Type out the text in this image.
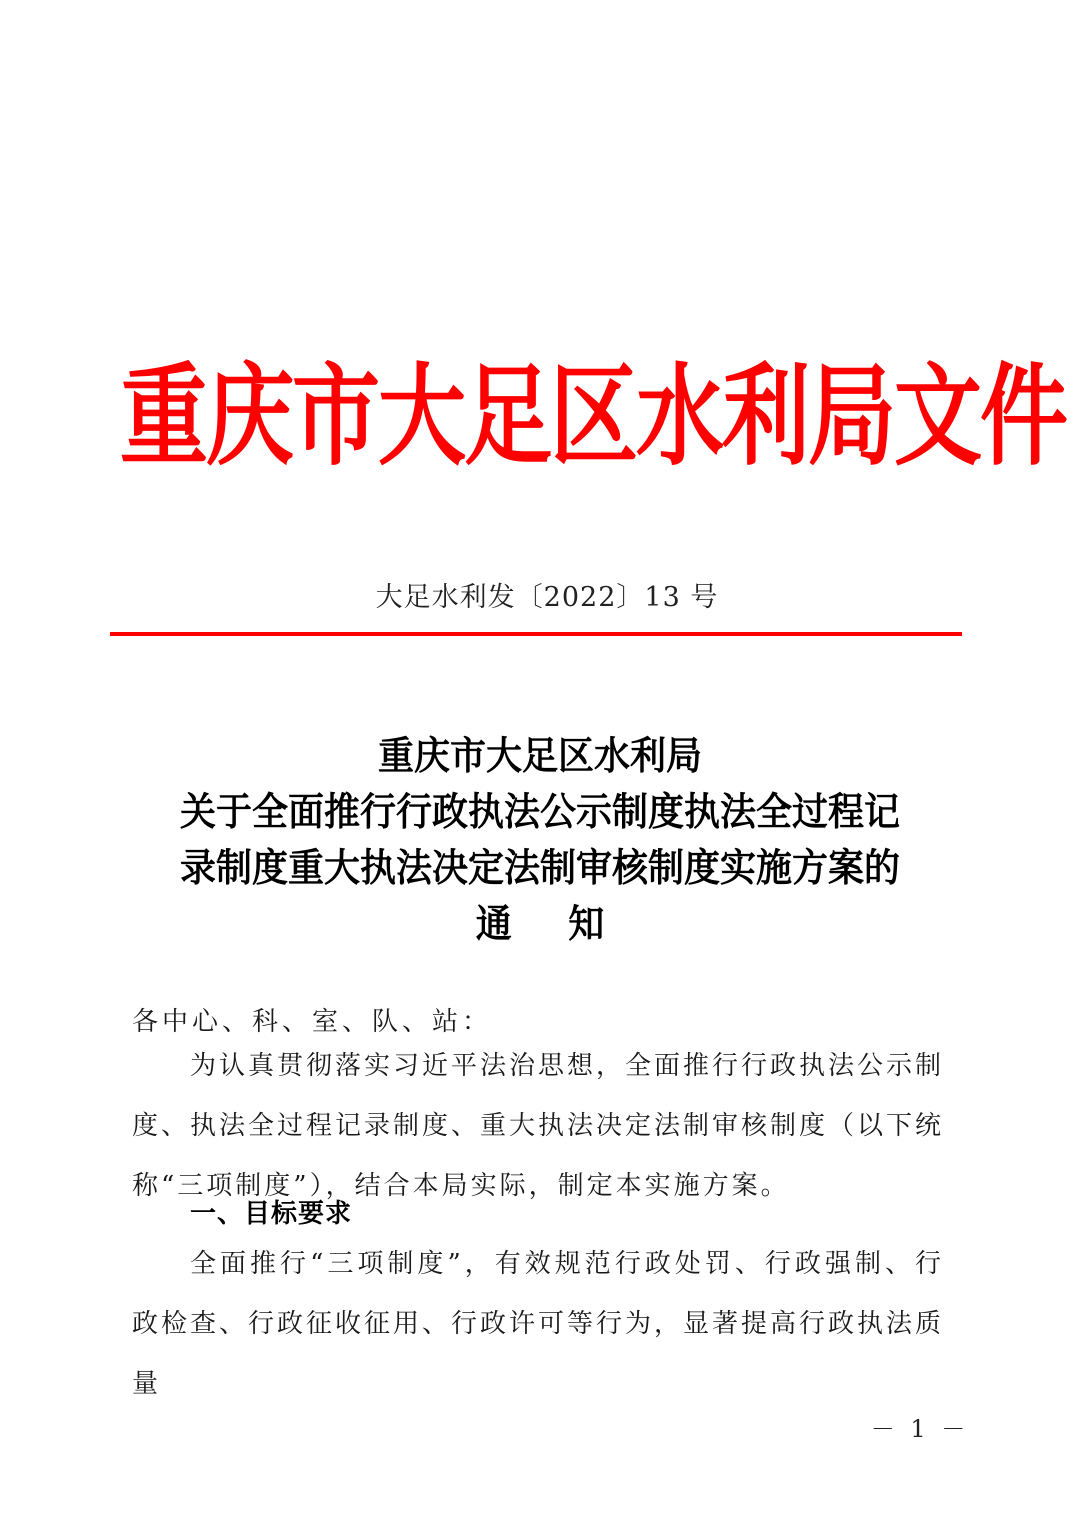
重庆市大足区水利局文件
大足水利发〔2022〕13 号
重庆市大足区水利局
关于全面推行行政执法公示制度执法全过程记
录制度重大执法决定法制审核制度实施方案的
通 知
各中心、科、室、队、站：
为认真贯彻落实习近平法治思想，全面推行行政执法公示制度、执法全过程记录制度、重大执法决定法制审核制度（以下统称“三项制度”），结合本局实际，制定本实施方案。
一、目标要求
全面推行“三项制度”，有效规范行政处罚、行政强制、行政检查、行政征收征用、行政许可等行为，显著提高行政执法质量
－ 1 －
